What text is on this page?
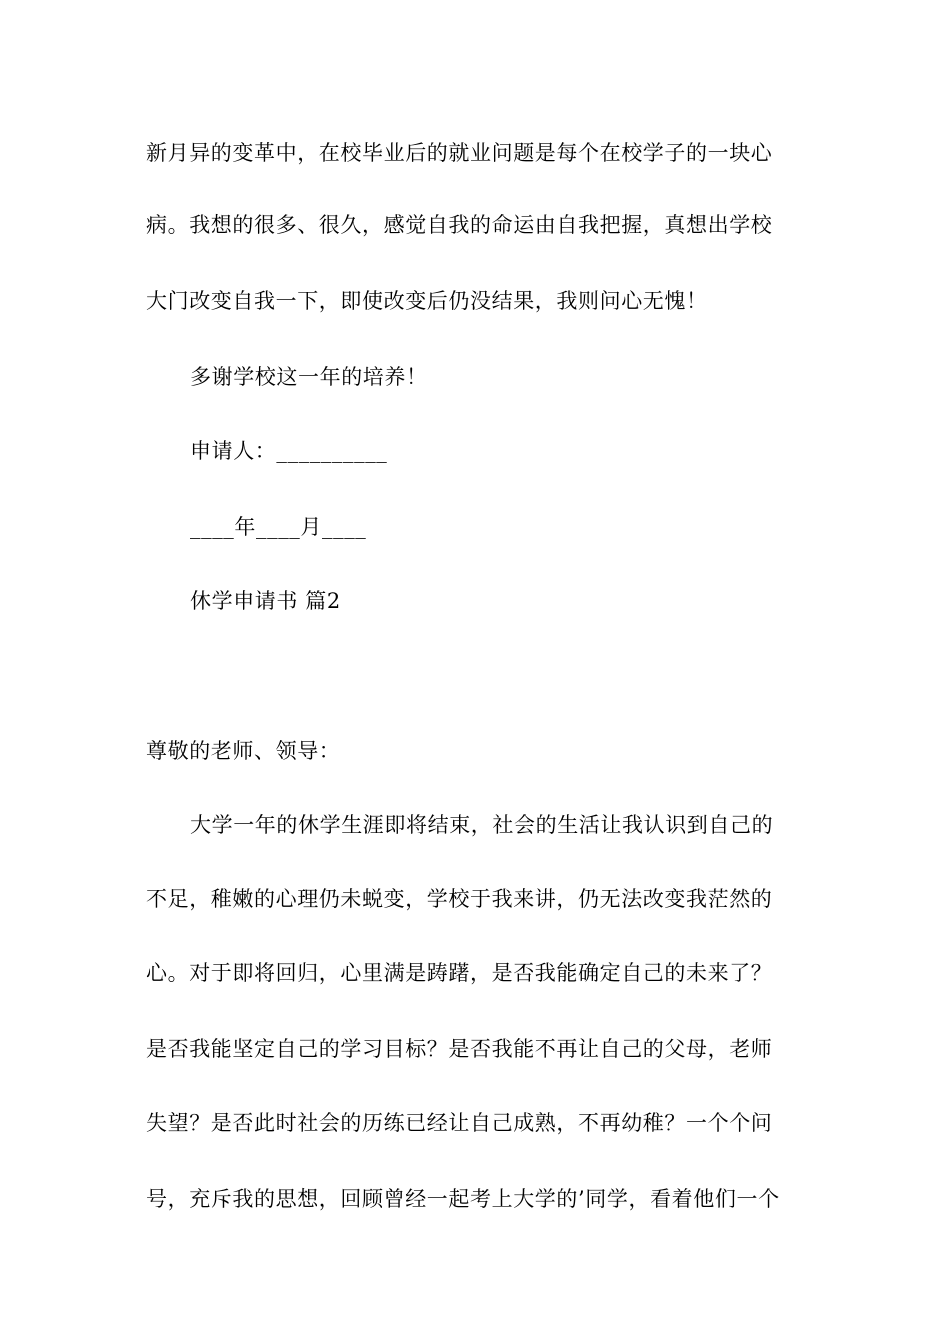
新月异的变革中，在校毕业后的就业问题是每个在校学子的一块心
病。我想的很多、很久，感觉自我的命运由自我把握，真想出学校
大门改变自我一下，即使改变后仍没结果，我则问心无愧！
多谢学校这一年的培养！
申请人：__________
____年____月____
休学申请书 篇2
尊敬的老师、领导：
大学一年的休学生涯即将结束，社会的生活让我认识到自己的
不足，稚嫩的心理仍未蜕变，学校于我来讲，仍无法改变我茫然的
心。对于即将回归，心里满是踌躇，是否我能确定自己的未来了？
是否我能坚定自己的学习目标？是否我能不再让自己的父母，老师
失望？是否此时社会的历练已经让自己成熟，不再幼稚？一个个问
号，充斥我的思想，回顾曾经一起考上大学的’同学，看着他们一个
